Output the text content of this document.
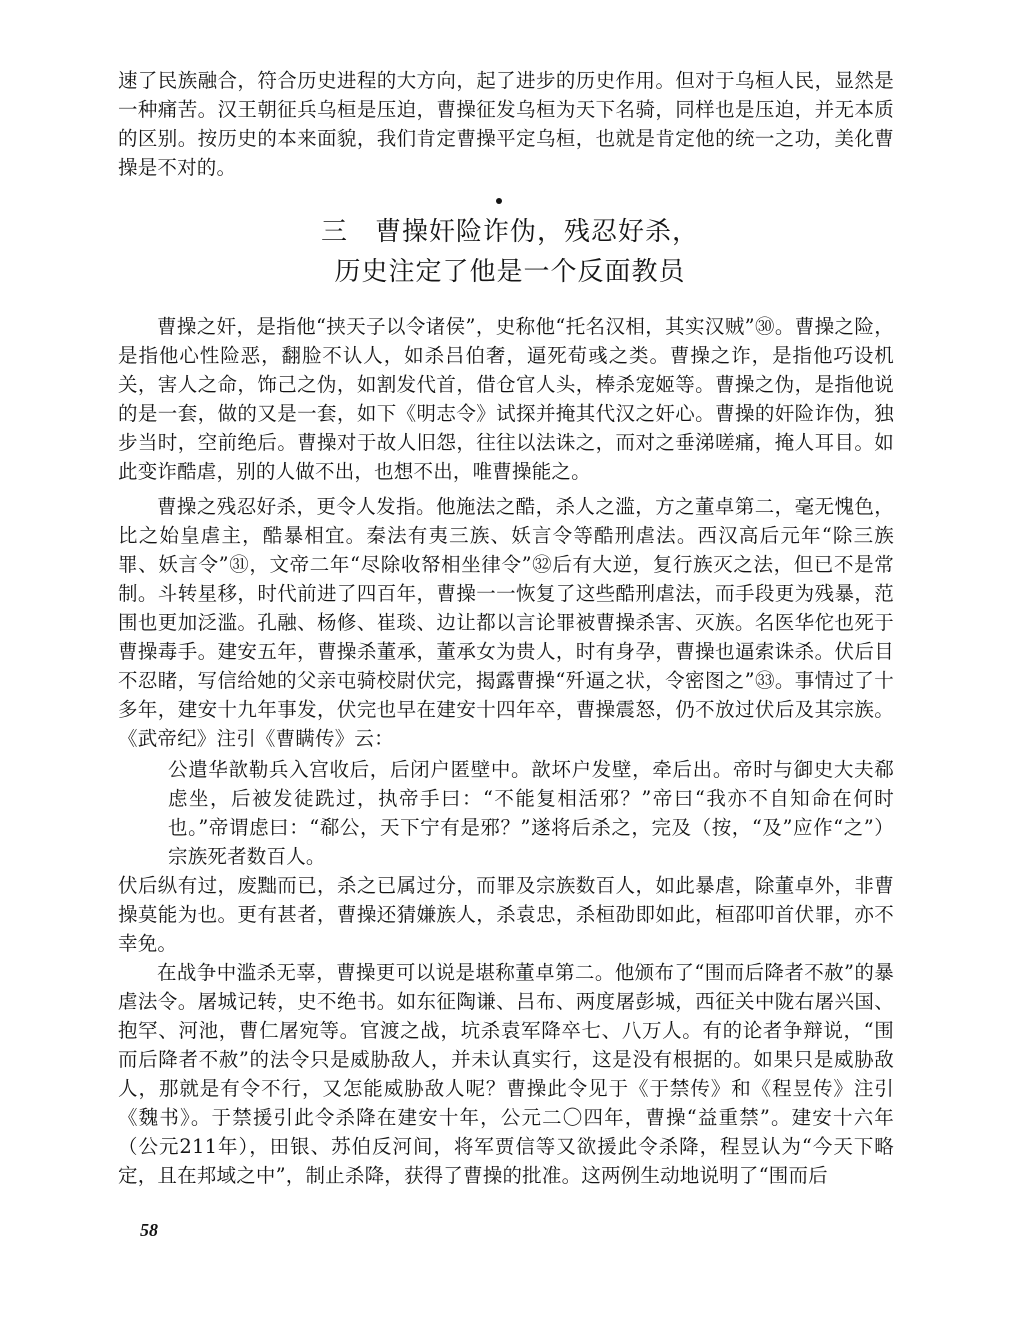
速了民族融合，符合历史进程的大方向，起了进步的历史作用。但对于乌桓人民，显然是一种痛苦。汉王朝征兵乌桓是压迫，曹操征发乌桓为天下名骑，同样也是压迫，并无本质的区别。按历史的本来面貌，我们肯定曹操平定乌桓，也就是肯定他的统一之功，美化曹操是不对的。

三　曹操奸险诈伪，残忍好杀，
历史注定了他是一个反面教员

曹操之奸，是指他“挟天子以令诸侯”，史称他“托名汉相，其实汉贼”㉚。曹操之险，是指他心性险恶，翻脸不认人，如杀吕伯奢，逼死荀彧之类。曹操之诈，是指他巧设机关，害人之命，饰己之伪，如割发代首，借仓官人头，棒杀宠姬等。曹操之伪，是指他说的是一套，做的又是一套，如下《明志令》试探并掩其代汉之奸心。曹操的奸险诈伪，独步当时，空前绝后。曹操对于故人旧怨，往往以法诛之，而对之垂涕嗟痛，掩人耳目。如此变诈酷虐，别的人做不出，也想不出，唯曹操能之。

曹操之残忍好杀，更令人发指。他施法之酷，杀人之滥，方之董卓第二，毫无愧色，比之始皇虐主，酷暴相宜。秦法有夷三族、妖言令等酷刑虐法。西汉高后元年“除三族罪、妖言令”㉛，文帝二年“尽除收帑相坐律令”㉜后有大逆，复行族灭之法，但已不是常制。斗转星移，时代前进了四百年，曹操一一恢复了这些酷刑虐法，而手段更为残暴，范围也更加泛滥。孔融、杨修、崔琰、边让都以言论罪被曹操杀害、灭族。名医华佗也死于曹操毒手。建安五年，曹操杀董承，董承女为贵人，时有身孕，曹操也逼索诛杀。伏后目不忍睹，写信给她的父亲屯骑校尉伏完，揭露曹操“歼逼之状，令密图之”㉝。事情过了十多年，建安十九年事发，伏完也早在建安十四年卒，曹操震怒，仍不放过伏后及其宗族。《武帝纪》注引《曹瞒传》云：

公遣华歆勒兵入宫收后，后闭户匿壁中。歆坏户发壁，牵后出。帝时与御史大夫郗虑坐，后被发徒跣过，执帝手曰：“不能复相活邪？”帝曰“我亦不自知命在何时也。”帝谓虑曰：“郗公，天下宁有是邪？”遂将后杀之，完及（按，“及”应作“之”）宗族死者数百人。

伏后纵有过，废黜而已，杀之已属过分，而罪及宗族数百人，如此暴虐，除董卓外，非曹操莫能为也。更有甚者，曹操还猜嫌族人，杀袁忠，杀桓劭即如此，桓邵叩首伏罪，亦不幸免。

在战争中滥杀无辜，曹操更可以说是堪称董卓第二。他颁布了“围而后降者不赦”的暴虐法令。屠城记转，史不绝书。如东征陶谦、吕布、两度屠彭城，西征关中陇右屠兴国、抱罕、河池，曹仁屠宛等。官渡之战，坑杀袁军降卒七、八万人。有的论者争辩说，“围而后降者不赦”的法令只是威胁敌人，并未认真实行，这是没有根据的。如果只是威胁敌人，那就是有令不行，又怎能威胁敌人呢？曹操此令见于《于禁传》和《程昱传》注引《魏书》。于禁援引此令杀降在建安十年，公元二〇四年，曹操“益重禁”。建安十六年（公元211年），田银、苏伯反河间，将军贾信等又欲援此令杀降，程昱认为“今天下略定，且在邦域之中”，制止杀降，获得了曹操的批准。这两例生动地说明了“围而后

58
